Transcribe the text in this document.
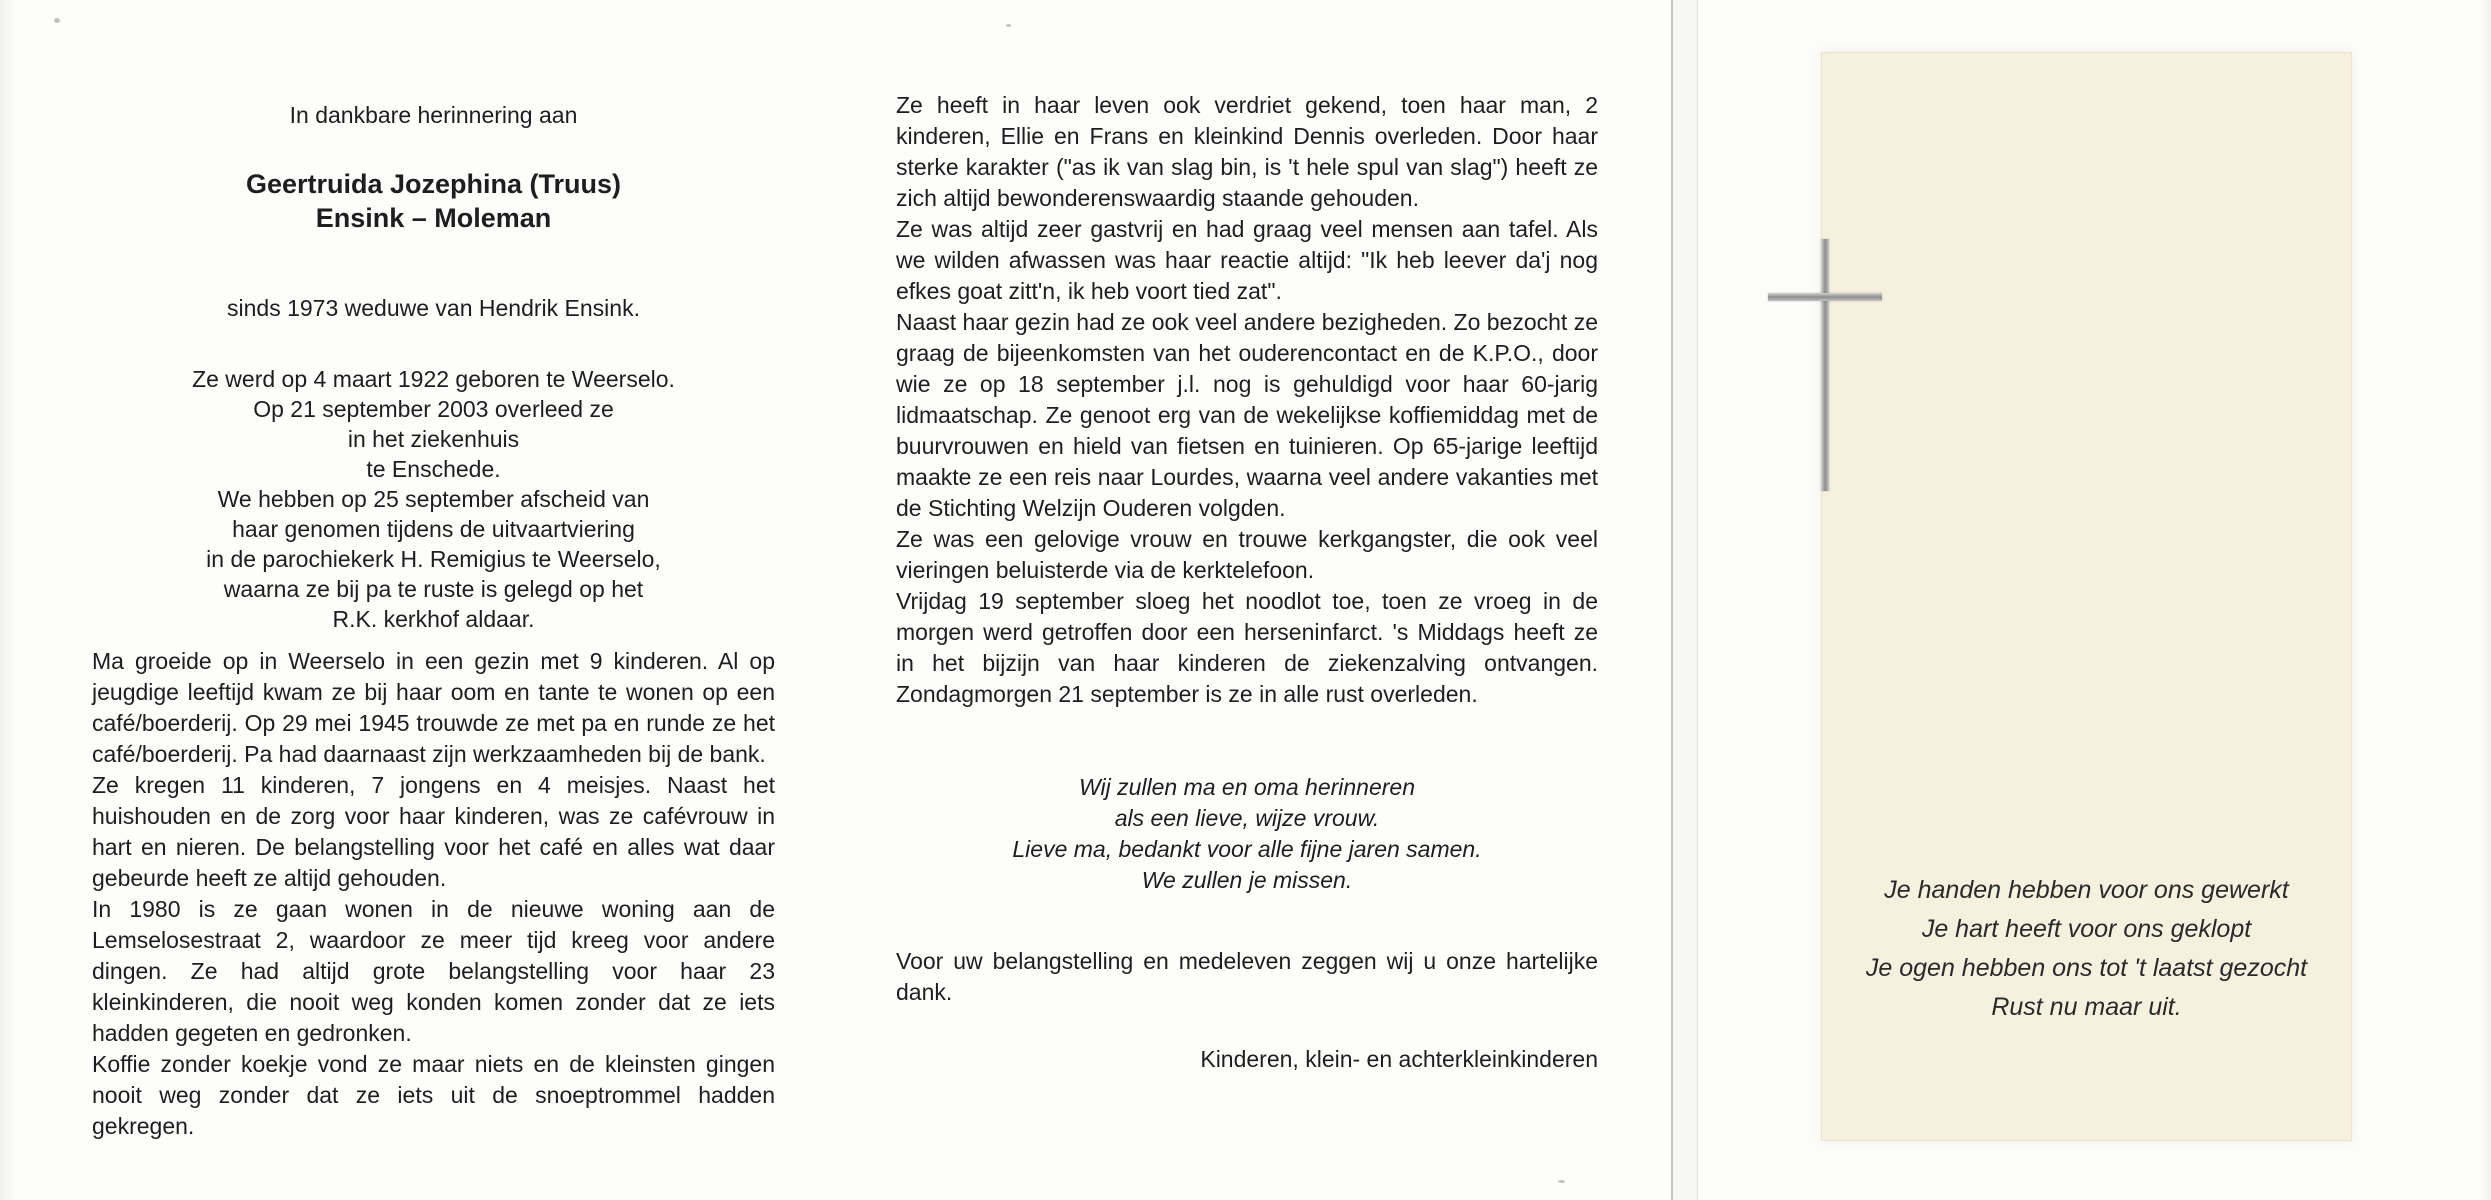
In dankbare herinnering aan
Geertruida Jozephina (Truus)
Ensink – Moleman
sinds 1973 weduwe van Hendrik Ensink.
Ze werd op 4 maart 1922 geboren te Weerselo.
Op 21 september 2003 overleed ze
in het ziekenhuis
te Enschede.
We hebben op 25 september afscheid van
haar genomen tijdens de uitvaartviering
in de parochiekerk H. Remigius te Weerselo,
waarna ze bij pa te ruste is gelegd op het
R.K. kerkhof aldaar.

Ma groeide op in Weerselo in een gezin met 9 kinderen. Al op jeugdige leeftijd kwam ze bij haar oom en tante te wonen op een café/boerderij. Op 29 mei 1945 trouwde ze met pa en runde ze het café/boerderij. Pa had daarnaast zijn werkzaamheden bij de bank.

Ze kregen 11 kinderen, 7 jongens en 4 meisjes. Naast het huishouden en de zorg voor haar kinderen, was ze cafévrouw in hart en nieren. De belangstelling voor het café en alles wat daar gebeurde heeft ze altijd gehouden.

In 1980 is ze gaan wonen in de nieuwe woning aan de Lemselosestraat 2, waardoor ze meer tijd kreeg voor andere dingen. Ze had altijd grote belangstelling voor haar 23 kleinkinderen, die nooit weg konden komen zonder dat ze iets hadden gegeten en gedronken.

Koffie zonder koekje vond ze maar niets en de kleinsten gingen nooit weg zonder dat ze iets uit de snoeptrommel hadden gekregen.

Ze heeft in haar leven ook verdriet gekend, toen haar man, 2 kinderen, Ellie en Frans en kleinkind Dennis overleden. Door haar sterke karakter ("as ik van slag bin, is 't hele spul van slag") heeft ze zich altijd bewonderenswaardig staande gehouden.

Ze was altijd zeer gastvrij en had graag veel mensen aan tafel. Als we wilden afwassen was haar reactie altijd: "Ik heb leever da'j nog efkes goat zitt'n, ik heb voort tied zat".

Naast haar gezin had ze ook veel andere bezigheden. Zo bezocht ze graag de bijeenkomsten van het ouderencontact en de K.P.O., door wie ze op 18 september j.l. nog is gehuldigd voor haar 60-jarig lidmaatschap. Ze genoot erg van de wekelijkse koffiemiddag met de buurvrouwen en hield van fietsen en tuinieren. Op 65-jarige leeftijd maakte ze een reis naar Lourdes, waarna veel andere vakanties met de Stichting Welzijn Ouderen volgden.

Ze was een gelovige vrouw en trouwe kerkgangster, die ook veel vieringen beluisterde via de kerktelefoon.

Vrijdag 19 september sloeg het noodlot toe, toen ze vroeg in de morgen werd getroffen door een herseninfarct. 's Middags heeft ze in het bijzijn van haar kinderen de ziekenzalving ontvangen. Zondagmorgen 21 september is ze in alle rust overleden.

Wij zullen ma en oma herinneren
als een lieve, wijze vrouw.
Lieve ma, bedankt voor alle fijne jaren samen.
We zullen je missen.

Voor uw belangstelling en medeleven zeggen wij u onze hartelijke dank.

Kinderen, klein- en achterkleinkinderen
Je handen hebben voor ons gewerkt
Je hart heeft voor ons geklopt
Je ogen hebben ons tot 't laatst gezocht
Rust nu maar uit.
